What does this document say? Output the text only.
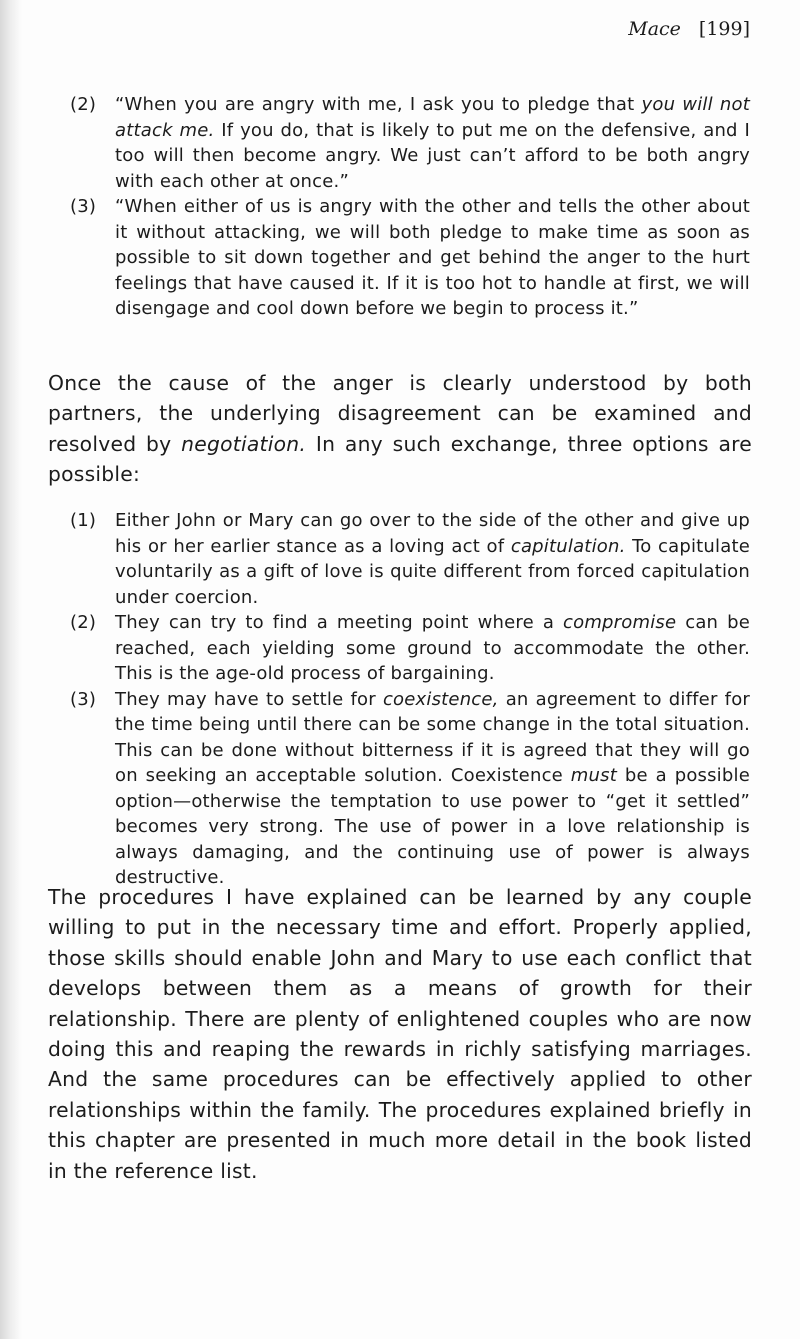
Mace [199]
(2) “When you are angry with me, I ask you to pledge that you will not attack me. If you do, that is likely to put me on the defensive, and I too will then become angry. We just can’t afford to be both angry with each other at once.”
(3) “When either of us is angry with the other and tells the other about it without attacking, we will both pledge to make time as soon as possible to sit down together and get behind the anger to the hurt feelings that have caused it. If it is too hot to handle at first, we will disengage and cool down before we begin to process it.”

Once the cause of the anger is clearly understood by both partners, the underlying disagreement can be examined and resolved by negotiation. In any such exchange, three options are possible:

(1) Either John or Mary can go over to the side of the other and give up his or her earlier stance as a loving act of capitulation. To capitulate voluntarily as a gift of love is quite different from forced capitulation under coercion.
(2) They can try to find a meeting point where a compromise can be reached, each yielding some ground to accommodate the other. This is the age-old process of bargaining.
(3) They may have to settle for coexistence, an agreement to differ for the time being until there can be some change in the total situation. This can be done without bitterness if it is agreed that they will go on seeking an acceptable solution. Coexistence must be a possible option—otherwise the temptation to use power to “get it settled” becomes very strong. The use of power in a love relationship is always damaging, and the continuing use of power is always destructive.

The procedures I have explained can be learned by any couple willing to put in the necessary time and effort. Properly applied, those skills should enable John and Mary to use each conflict that develops between them as a means of growth for their relationship. There are plenty of enlightened couples who are now doing this and reaping the rewards in richly satisfying marriages. And the same procedures can be effectively applied to other relationships within the family. The procedures explained briefly in this chapter are presented in much more detail in the book listed in the reference list.
